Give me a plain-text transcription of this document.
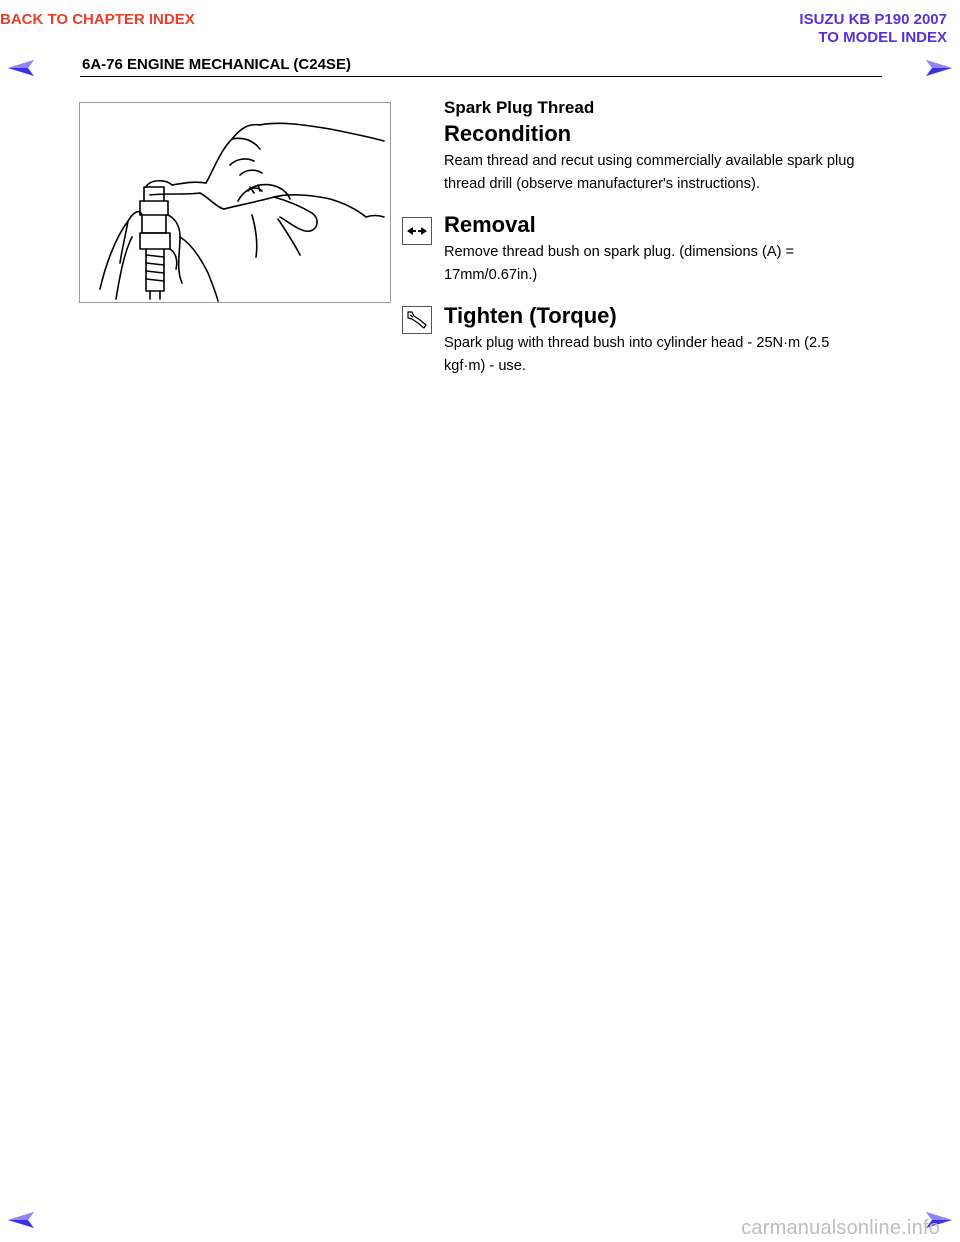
BACK TO CHAPTER INDEX	ISUZU KB P190 2007
TO MODEL INDEX
6A-76 ENGINE MECHANICAL (C24SE)
Spark Plug Thread
Recondition
Ream thread and recut using commercially available spark plug thread drill (observe manufacturer's instructions).
Removal
Remove thread bush on spark plug. (dimensions (A) = 17mm/0.67in.)
Tighten (Torque)
Spark plug with thread bush into cylinder head - 25N·m (2.5 kgf·m) - use.
carmanualsonline.info
